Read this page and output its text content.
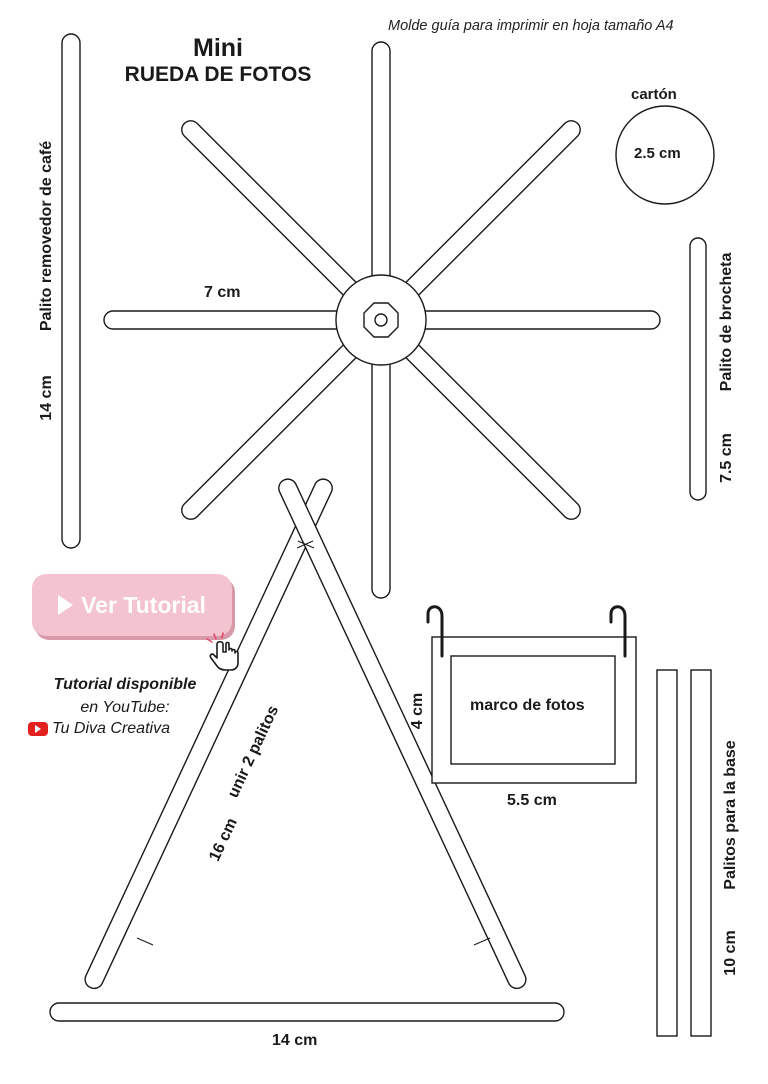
Molde guía para imprimir en hoja tamaño A4
Mini
RUEDA DE FOTOS
Palito removedor de café
14 cm
7 cm
cartón
2.5 cm
Palito de brocheta
7.5 cm
Ver Tutorial
Tutorial disponible
en YouTube:
Tu Diva Creativa	unir 2 palitos
16 cm
14 cm
marco de fotos
4 cm
5.5 cm	Palitos para la base
10 cm
